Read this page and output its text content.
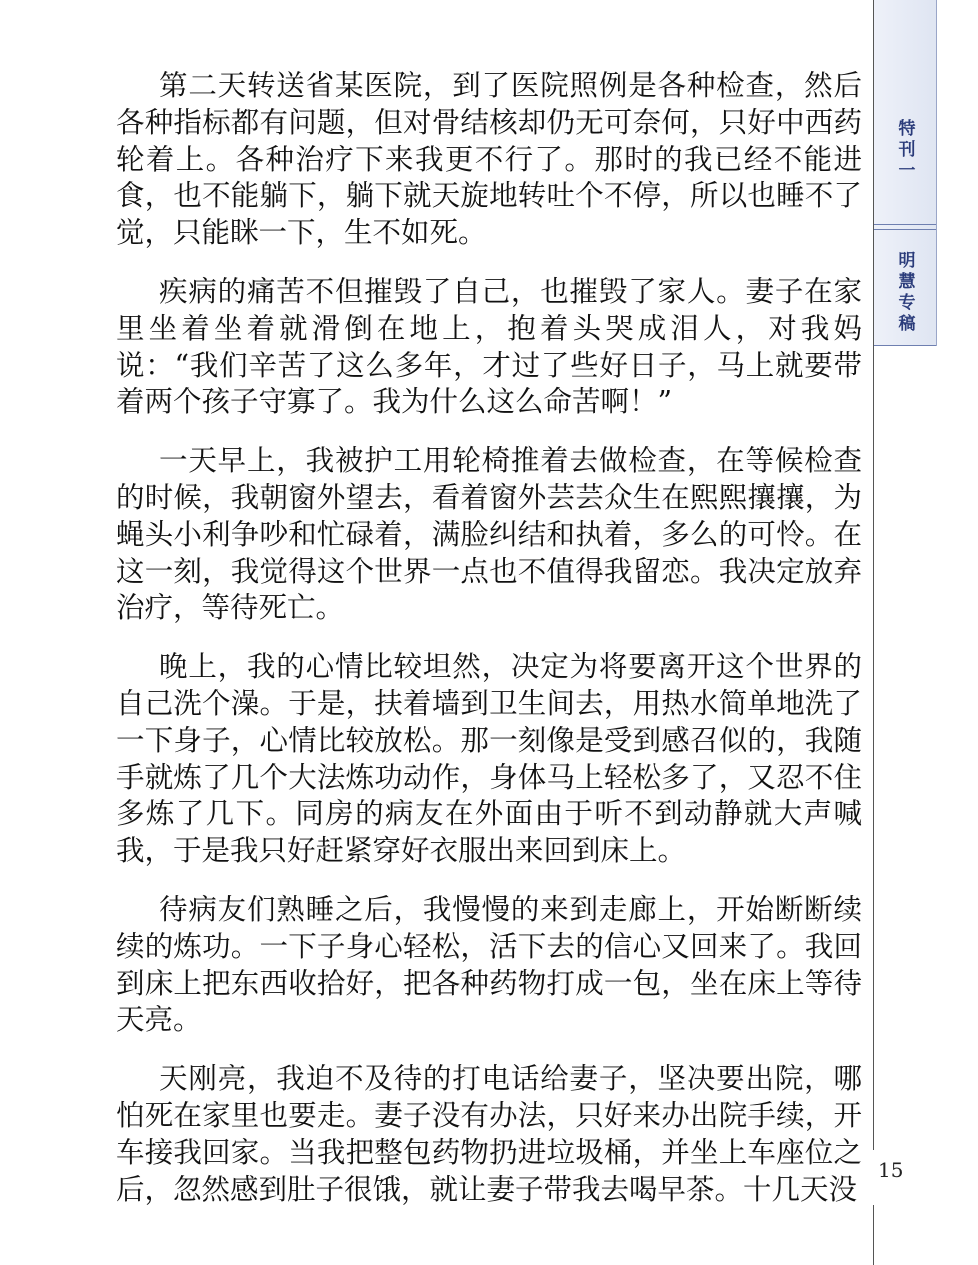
特刊一
明慧专稿

第二天转送省某医院，到了医院照例是各种检查，然后各种指标都有问题，但对骨结核却仍无可奈何，只好中西药轮着上。各种治疗下来我更不行了。那时的我已经不能进食，也不能躺下，躺下就天旋地转吐个不停，所以也睡不了觉，只能眯一下，生不如死。

疾病的痛苦不但摧毁了自己，也摧毁了家人。妻子在家里坐着坐着就滑倒在地上，抱着头哭成泪人，对我妈说：“我们辛苦了这么多年，才过了些好日子，马上就要带着两个孩子守寡了。我为什么这么命苦啊！”

一天早上，我被护工用轮椅推着去做检查，在等候检查的时候，我朝窗外望去，看着窗外芸芸众生在熙熙攘攘，为蝇头小利争吵和忙碌着，满脸纠结和执着，多么的可怜。在这一刻，我觉得这个世界一点也不值得我留恋。我决定放弃治疗，等待死亡。

晚上，我的心情比较坦然，决定为将要离开这个世界的自己洗个澡。于是，扶着墙到卫生间去，用热水简单地洗了一下身子，心情比较放松。那一刻像是受到感召似的，我随手就炼了几个大法炼功动作，身体马上轻松多了，又忍不住多炼了几下。同房的病友在外面由于听不到动静就大声喊我，于是我只好赶紧穿好衣服出来回到床上。

待病友们熟睡之后，我慢慢的来到走廊上，开始断断续续的炼功。一下子身心轻松，活下去的信心又回来了。我回到床上把东西收拾好，把各种药物打成一包，坐在床上等待天亮。

天刚亮，我迫不及待的打电话给妻子，坚决要出院，哪怕死在家里也要走。妻子没有办法，只好来办出院手续，开车接我回家。当我把整包药物扔进垃圾桶，并坐上车座位之后，忽然感到肚子很饿，就让妻子带我去喝早茶。十几天没

15
